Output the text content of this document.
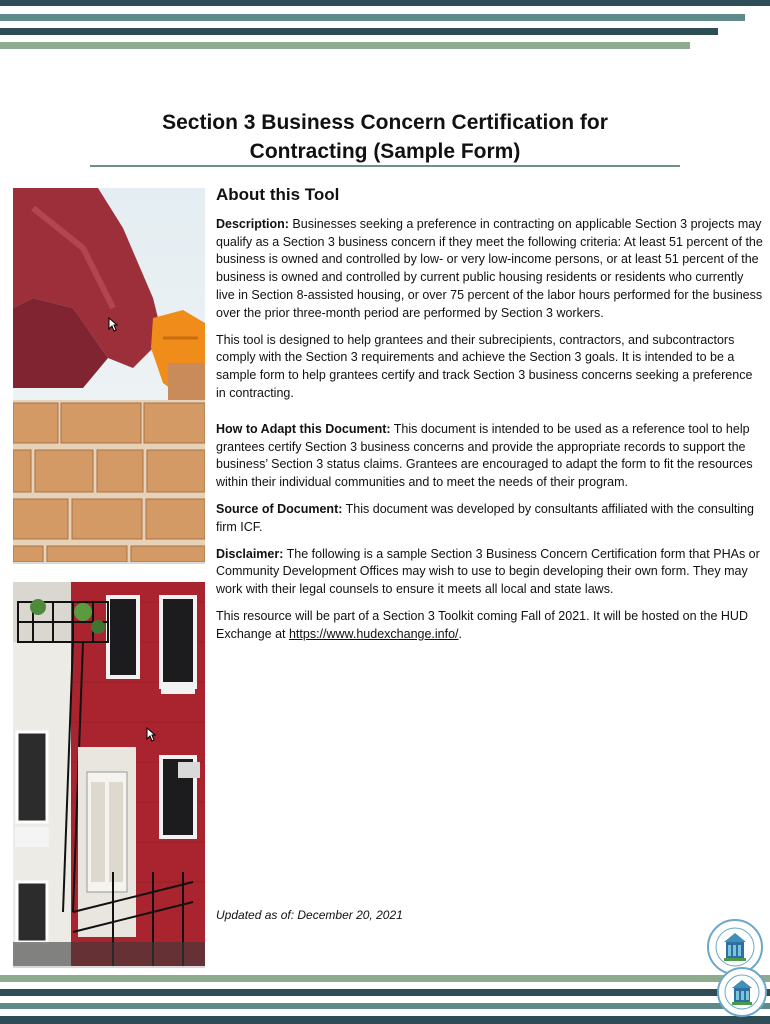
Section 3 Business Concern Certification for
Contracting (Sample Form)
About this Tool

Description: Businesses seeking a preference in contracting on applicable Section 3 projects may qualify as a Section 3 business concern if they meet the following criteria: At least 51 percent of the business is owned and controlled by low- or very low-income persons, or at least 51 percent of the business is owned and controlled by current public housing residents or residents who currently live in Section 8-assisted housing, or over 75 percent of the labor hours performed for the business over the prior three-month period are performed by Section 3 workers.

This tool is designed to help grantees and their subrecipients, contractors, and subcontractors comply with the Section 3 requirements and achieve the Section 3 goals. It is intended to be a sample form to help grantees certify and track Section 3 business concerns seeking a preference in contracting.

How to Adapt this Document: This document is intended to be used as a reference tool to help grantees certify Section 3 business concerns and provide the appropriate records to support the business’ Section 3 status claims. Grantees are encouraged to adapt the form to fit the resources within their individual communities and to meet the needs of their program.

Source of Document: This document was developed by consultants affiliated with the consulting firm ICF.

Disclaimer: The following is a sample Section 3 Business Concern Certification form that PHAs or Community Development Offices may wish to use to begin developing their own form. They may work with their legal counsels to ensure it meets all local and state laws.

This resource will be part of a Section 3 Toolkit coming Fall of 2021. It will be hosted on the HUD Exchange at https://www.hudexchange.info/.

Updated as of: December 20, 2021
